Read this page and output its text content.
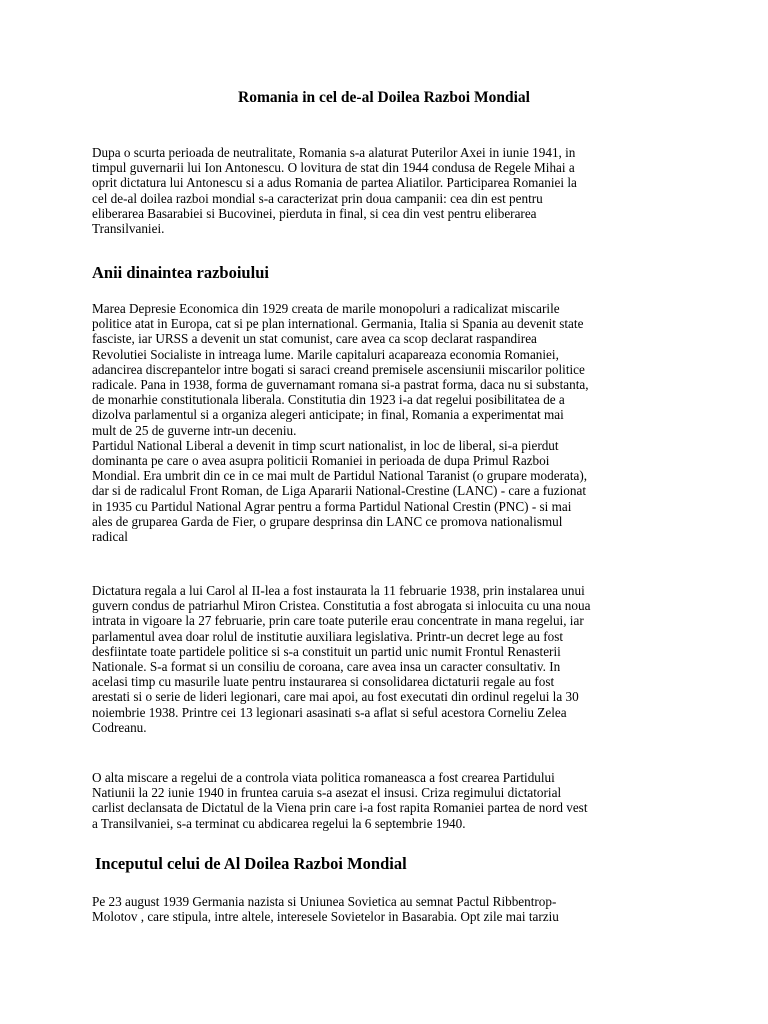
Romania in cel de-al Doilea Razboi Mondial
Dupa o scurta perioada de neutralitate, Romania s-a alaturat Puterilor Axei in iunie 1941, in
timpul guvernarii lui Ion Antonescu. O lovitura de stat din 1944 condusa de Regele Mihai a
oprit dictatura lui Antonescu si a adus Romania de partea Aliatilor. Participarea Romaniei la
cel de-al doilea razboi mondial s-a caracterizat prin doua campanii: cea din est pentru
eliberarea Basarabiei si Bucovinei, pierduta in final, si cea din vest pentru eliberarea
Transilvaniei.
Anii dinaintea razboiului
Marea Depresie Economica din 1929 creata de marile monopoluri a radicalizat miscarile
politice atat in Europa, cat si pe plan international. Germania, Italia si Spania au devenit state
fasciste, iar URSS a devenit un stat comunist, care avea ca scop declarat raspandirea
Revolutiei Socialiste in intreaga lume. Marile capitaluri acapareaza economia Romaniei,
adancirea discrepantelor intre bogati si saraci creand premisele ascensiunii miscarilor politice
radicale. Pana in 1938, forma de guvernamant romana si-a pastrat forma, daca nu si substanta,
de monarhie constitutionala liberala. Constitutia din 1923 i-a dat regelui posibilitatea de a
dizolva parlamentul si a organiza alegeri anticipate; in final, Romania a experimentat mai
mult de 25 de guverne intr-un deceniu.
Partidul National Liberal a devenit in timp scurt nationalist, in loc de liberal, si-a pierdut
dominanta pe care o avea asupra politicii Romaniei in perioada de dupa Primul Razboi
Mondial. Era umbrit din ce in ce mai mult de Partidul National Taranist (o grupare moderata),
dar si de radicalul Front Roman, de Liga Apararii National-Crestine (LANC) - care a fuzionat
in 1935 cu Partidul National Agrar pentru a forma Partidul National Crestin (PNC) - si mai
ales de gruparea Garda de Fier, o grupare desprinsa din LANC ce promova nationalismul
radical
Dictatura regala a lui Carol al II-lea a fost instaurata la 11 februarie 1938, prin instalarea unui
guvern condus de patriarhul Miron Cristea. Constitutia a fost abrogata si inlocuita cu una noua
intrata in vigoare la 27 februarie, prin care toate puterile erau concentrate in mana regelui, iar
parlamentul avea doar rolul de institutie auxiliara legislativa. Printr-un decret lege au fost
desfiintate toate partidele politice si s-a constituit un partid unic numit Frontul Renasterii
Nationale. S-a format si un consiliu de coroana, care avea insa un caracter consultativ. In
acelasi timp cu masurile luate pentru instaurarea si consolidarea dictaturii regale au fost
arestati si o serie de lideri legionari, care mai apoi, au fost executati din ordinul regelui la 30
noiembrie 1938. Printre cei 13 legionari asasinati s-a aflat si seful acestora Corneliu Zelea
Codreanu.
O alta miscare a regelui de a controla viata politica romaneasca a fost crearea Partidului
Natiunii la 22 iunie 1940 in fruntea caruia s-a asezat el insusi. Criza regimului dictatorial
carlist declansata de Dictatul de la Viena prin care i-a fost rapita Romaniei partea de nord vest
a Transilvaniei, s-a terminat cu abdicarea regelui la 6 septembrie 1940.
Inceputul celui de Al Doilea Razboi Mondial
Pe 23 august 1939 Germania nazista si Uniunea Sovietica au semnat Pactul Ribbentrop-
Molotov , care stipula, intre altele, interesele Sovietelor in Basarabia. Opt zile mai tarziu
